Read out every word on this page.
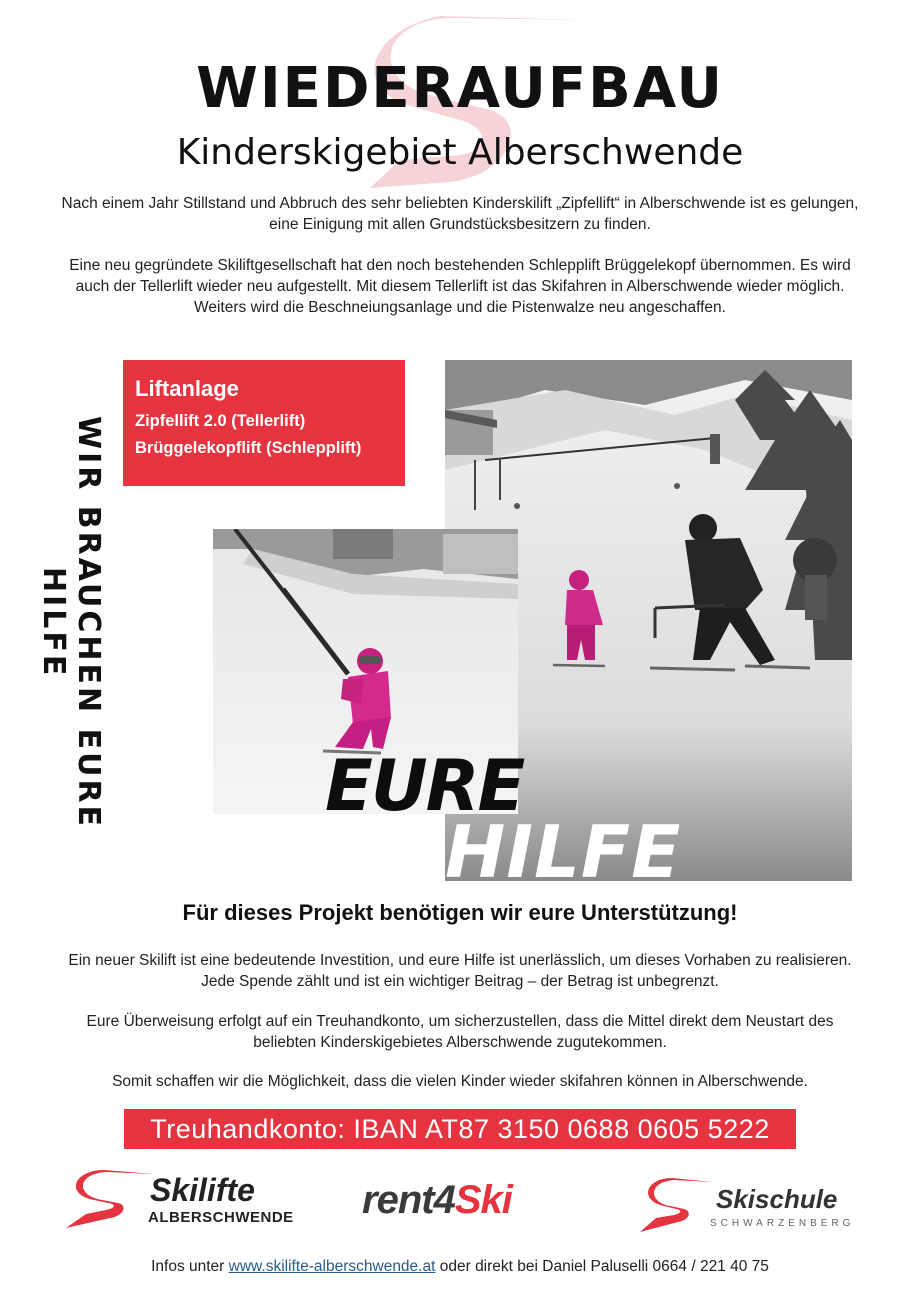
WIEDERAUFBAU
Kinderskigebiet Alberschwende
Nach einem Jahr Stillstand und Abbruch des sehr beliebten Kinderskilift „Zipfellift“ in Alberschwende ist es gelungen, eine Einigung mit allen Grundstücksbesitzern zu finden.
Eine neu gegründete Skiliftgesellschaft hat den noch bestehenden Schlepplift Brüggelekopf übernommen. Es wird auch der Tellerlift wieder neu aufgestellt. Mit diesem Tellerlift ist das Skifahren in Alberschwende wieder möglich. Weiters wird die Beschneiungsanlage und die Pistenwalze neu angeschaffen.
WIR BRAUCHEN EURE HILFE
Liftanlage
Zipfellift 2.0 (Tellerlift)
Brüggelekopflift (Schlepplift)
EURE
HILFE
Für dieses Projekt benötigen wir eure Unterstützung!
Ein neuer Skilift ist eine bedeutende Investition, und eure Hilfe ist unerlässlich, um dieses Vorhaben zu realisieren. Jede Spende zählt und ist ein wichtiger Beitrag – der Betrag ist unbegrenzt.
Eure Überweisung erfolgt auf ein Treuhandkonto, um sicherzustellen, dass die Mittel direkt dem Neustart des beliebten Kinderskigebietes Alberschwende zugutekommen.
Somit schaffen wir die Möglichkeit, dass die vielen Kinder wieder skifahren können in Alberschwende.
Treuhandkonto: IBAN AT87 3150 0688 0605 5222
Skilifte
ALBERSCHWENDE rent4Ski	Skischule
SCHWARZENBERG
Infos unter www.skilifte-alberschwende.at oder direkt bei Daniel Paluselli 0664 / 221 40 75
